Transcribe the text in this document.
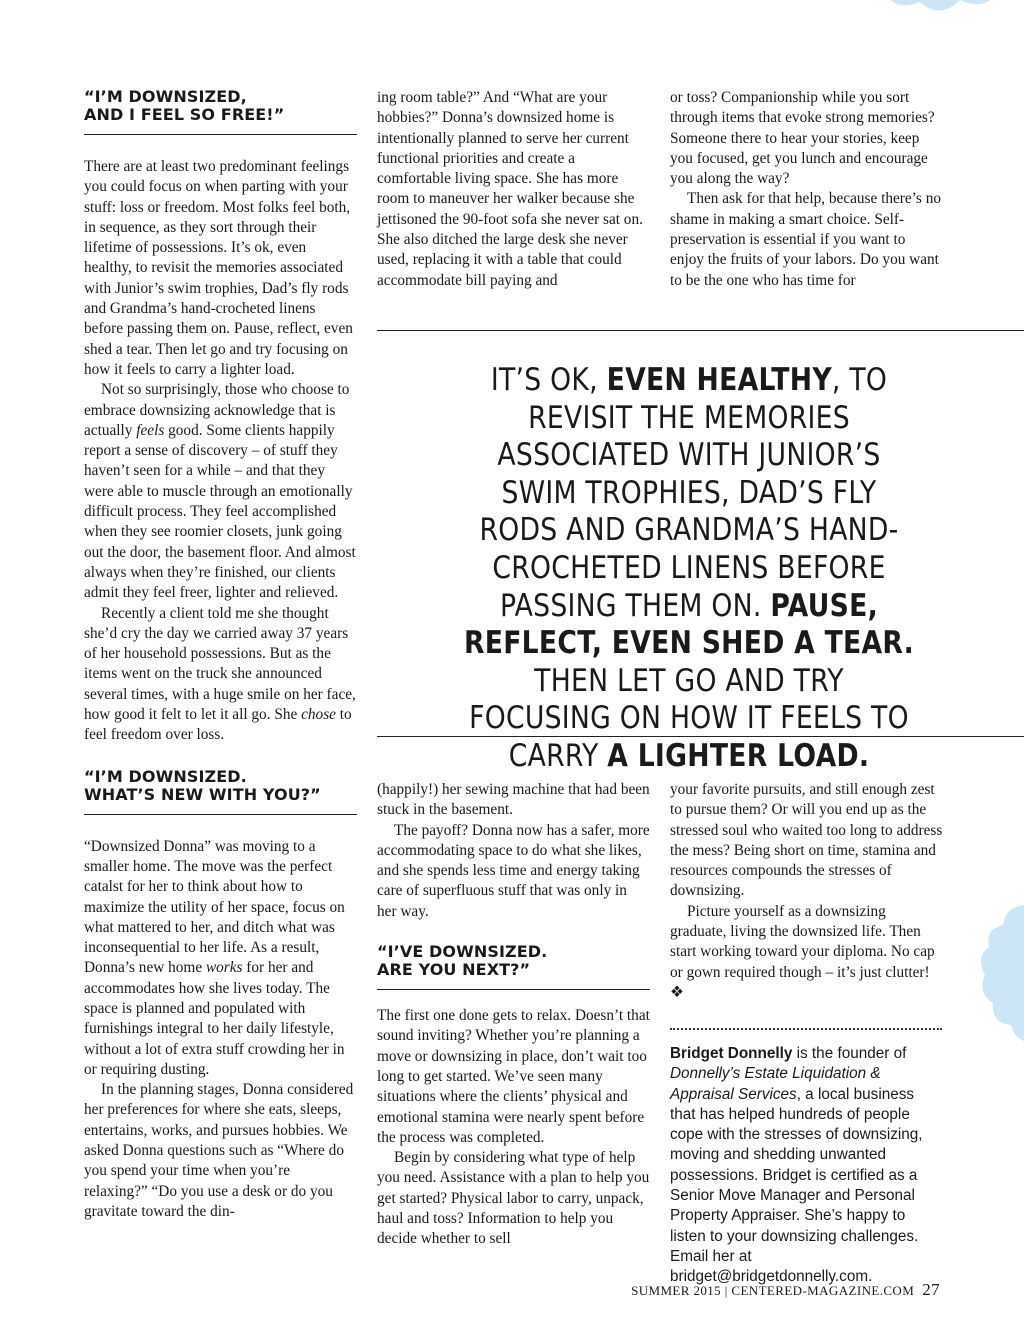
“I’M DOWNSIZED,
AND I FEEL SO FREE!”

There are at least two predominant feelings you could focus on when parting with your stuff: loss or freedom. Most folks feel both, in sequence, as they sort through their lifetime of possessions. It’s ok, even healthy, to revisit the memories associated with Junior’s swim trophies, Dad’s fly rods and Grandma’s hand-crocheted linens before passing them on. Pause, reflect, even shed a tear. Then let go and try focusing on how it feels to carry a lighter load.

Not so surprisingly, those who choose to embrace downsizing acknowledge that is actually feels good. Some clients happily report a sense of discovery – of stuff they haven’t seen for a while – and that they were able to muscle through an emotionally difficult process. They feel accomplished when they see roomier closets, junk going out the door, the basement floor. And almost always when they’re finished, our clients admit they feel freer, lighter and relieved.

Recently a client told me she thought she’d cry the day we carried away 37 years of her household possessions. But as the items went on the truck she announced several times, with a huge smile on her face, how good it felt to let it all go. She chose to feel freedom over loss.

“I’M DOWNSIZED.
WHAT’S NEW WITH YOU?”

“Downsized Donna” was moving to a smaller home. The move was the perfect catalst for her to think about how to maximize the utility of her space, focus on what mattered to her, and ditch what was inconsequential to her life. As a result, Donna’s new home works for her and accommodates how she lives today. The space is planned and populated with furnishings integral to her daily lifestyle, without a lot of extra stuff crowding her in or requiring dusting.

In the planning stages, Donna considered her preferences for where she eats, sleeps, entertains, works, and pursues hobbies. We asked Donna questions such as “Where do you spend your time when you’re relaxing?” “Do you use a desk or do you gravitate toward the din-

ing room table?” And “What are your hobbies?” Donna’s downsized home is intentionally planned to serve her current functional priorities and create a comfortable living space. She has more room to maneuver her walker because she jettisoned the 90-foot sofa she never sat on. She also ditched the large desk she never used, replacing it with a table that could accommodate bill paying and

or toss? Companionship while you sort through items that evoke strong memories? Someone there to hear your stories, keep you focused, get you lunch and encourage you along the way?

Then ask for that help, because there’s no shame in making a smart choice. Self-preservation is essential if you want to enjoy the fruits of your labors. Do you want to be the one who has time for

IT’S OK, EVEN HEALTHY, TO REVISIT THE MEMORIES ASSOCIATED WITH JUNIOR’S SWIM TROPHIES, DAD’S FLY RODS AND GRANDMA’S HAND-CROCHETED LINENS BEFORE PASSING THEM ON. PAUSE, REFLECT, EVEN SHED A TEAR. THEN LET GO AND TRY FOCUSING ON HOW IT FEELS TO CARRY A LIGHTER LOAD.

(happily!) her sewing machine that had been stuck in the basement.

The payoff? Donna now has a safer, more accommodating space to do what she likes, and she spends less time and energy taking care of superfluous stuff that was only in her way.

“I’VE DOWNSIZED.
ARE YOU NEXT?”

The first one done gets to relax. Doesn’t that sound inviting? Whether you’re planning a move or downsizing in place, don’t wait too long to get started. We’ve seen many situations where the clients’ physical and emotional stamina were nearly spent before the process was completed.

Begin by considering what type of help you need. Assistance with a plan to help you get started? Physical labor to carry, unpack, haul and toss? Information to help you decide whether to sell

your favorite pursuits, and still enough zest to pursue them? Or will you end up as the stressed soul who waited too long to address the mess? Being short on time, stamina and resources compounds the stresses of downsizing.

Picture yourself as a downsizing graduate, living the downsized life. Then start working toward your diploma. No cap or gown required though – it’s just clutter! ❖

Bridget Donnelly is the founder of Donnelly’s Estate Liquidation & Appraisal Services, a local business that has helped hundreds of people cope with the stresses of downsizing, moving and shedding unwanted possessions. Bridget is certified as a Senior Move Manager and Personal Property Appraiser. She’s happy to listen to your downsizing challenges. Email her at bridget@bridgetdonnelly.com.

SUMMER 2015 | CENTERED-MAGAZINE.COM 27
